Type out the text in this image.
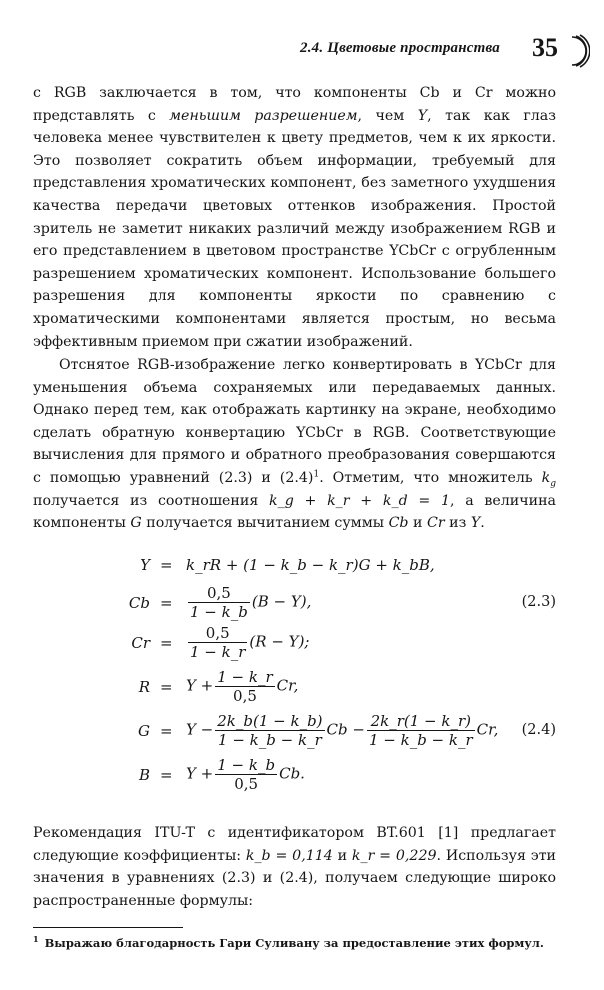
2.4. Цветовые пространства 35

с RGB заключается в том, что компоненты Cb и Cr можно представлять с меньшим разрешением, чем Y, так как глаз человека менее чувствителен к цвету предметов, чем к их яркости. Это позволяет сократить объем информации, требуемый для представления хроматических компонент, без заметного ухудшения качества передачи цветовых оттенков изображения. Простой зритель не заметит никаких различий между изображением RGB и его представлением в цветовом пространстве YCbCr с огрубленным разрешением хроматических компонент. Использование большего разрешения для компоненты яркости по сравнению с хроматическими компонентами является простым, но весьма эффективным приемом при сжатии изображений.

Отснятое RGB-изображение легко конвертировать в YCbCr для уменьшения объема сохраняемых или передаваемых данных. Однако перед тем, как отображать картинку на экране, необходимо сделать обратную конвертацию YCbCr в RGB. Соответствующие вычисления для прямого и обратного преобразования совершаются с помощью уравнений (2.3) и $(2.4)^1$. Отметим, что множитель $k_g$ получается из соотношения k_g + k_r + k_d = 1, а величина компоненты G получается вычитанием суммы Cb и Cr из Y.

Y = k_rR + (1 − k_b − k_r)G + k_bB,
$Cb = \frac{0,5}{1 - k\_b} (B - Y)$,	(2.3)
$Cr = \frac{0,5}{1 - k\_r} (R - Y)$;
$R = Y + \frac{1 - k\_r}{0,5} Cr$,
$G = Y - \frac{2k\_b(1 - k\_b)}{1 - k\_b - k\_r}$ $Cb - \frac{2k\_r(1 - k\_r)}{1 - k\_b - k\_r} Cr$, (2.4)
$B = Y + \frac{1 - k\_b}{0,5} Cb$.

Рекомендация ITU-T с идентификатором BT.601 [1] предлагает следующие коэффициенты: k_b = 0,114 и k_r = 0,229. Используя эти значения в уравнениях (2.3) и (2.4), получаем следующие широко распространенные формулы:

$^1$ Выражаю благодарность Гари Суливану за предоставление этих формул.
